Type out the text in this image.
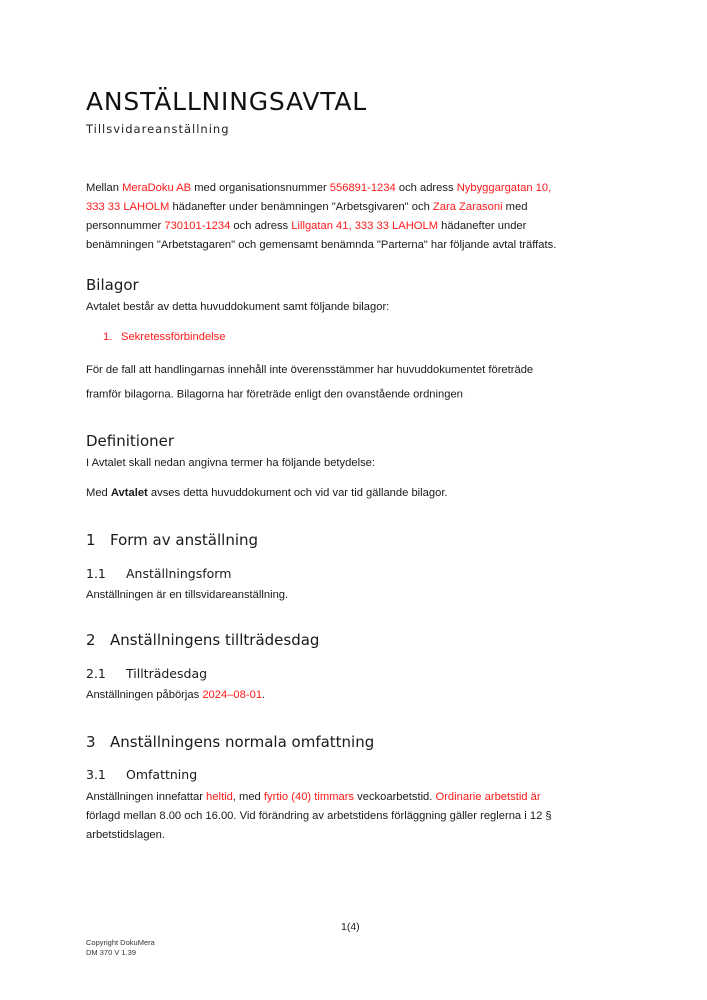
ANSTÄLLNINGSAVTAL
Tillsvidareanställning
Mellan MeraDoku AB med organisationsnummer 556891-1234 och adress Nybyggargatan 10,
333 33 LAHOLM hädanefter under benämningen "Arbetsgivaren" och Zara Zarasoni med
personnummer 730101-1234 och adress Lillgatan 41, 333 33 LAHOLM hädanefter under
benämningen "Arbetstagaren" och gemensamt benämnda "Parterna" har följande avtal träffats.
Bilagor
Avtalet består av detta huvuddokument samt följande bilagor:
1. Sekretessförbindelse
För de fall att handlingarnas innehåll inte överensstämmer har huvuddokumentet företräde
framför bilagorna. Bilagorna har företräde enligt den ovanstående ordningen·
Definitioner
I Avtalet skall nedan angivna termer ha följande betydelse:
Med Avtalet avses detta huvuddokument och vid var tid gällande bilagor.
1 Form av anställning
1.1 Anställningsform
Anställningen är en tillsvidareanställning.
2 Anställningens tillträdesdag
2.1 Tillträdesdag
Anställningen påbörjas 2024–08-01.
3 Anställningens normala omfattning
3.1 Omfattning
Anställningen innefattar heltid, med fyrtio (40) timmars veckoarbetstid. Ordinarie arbetstid är
förlagd mellan 8.00 och 16.00. Vid förändring av arbetstidens förläggning gäller reglerna i 12 §
arbetstidslagen.
1(4)
Copyright DokuMera
DM 370 V 1.39
